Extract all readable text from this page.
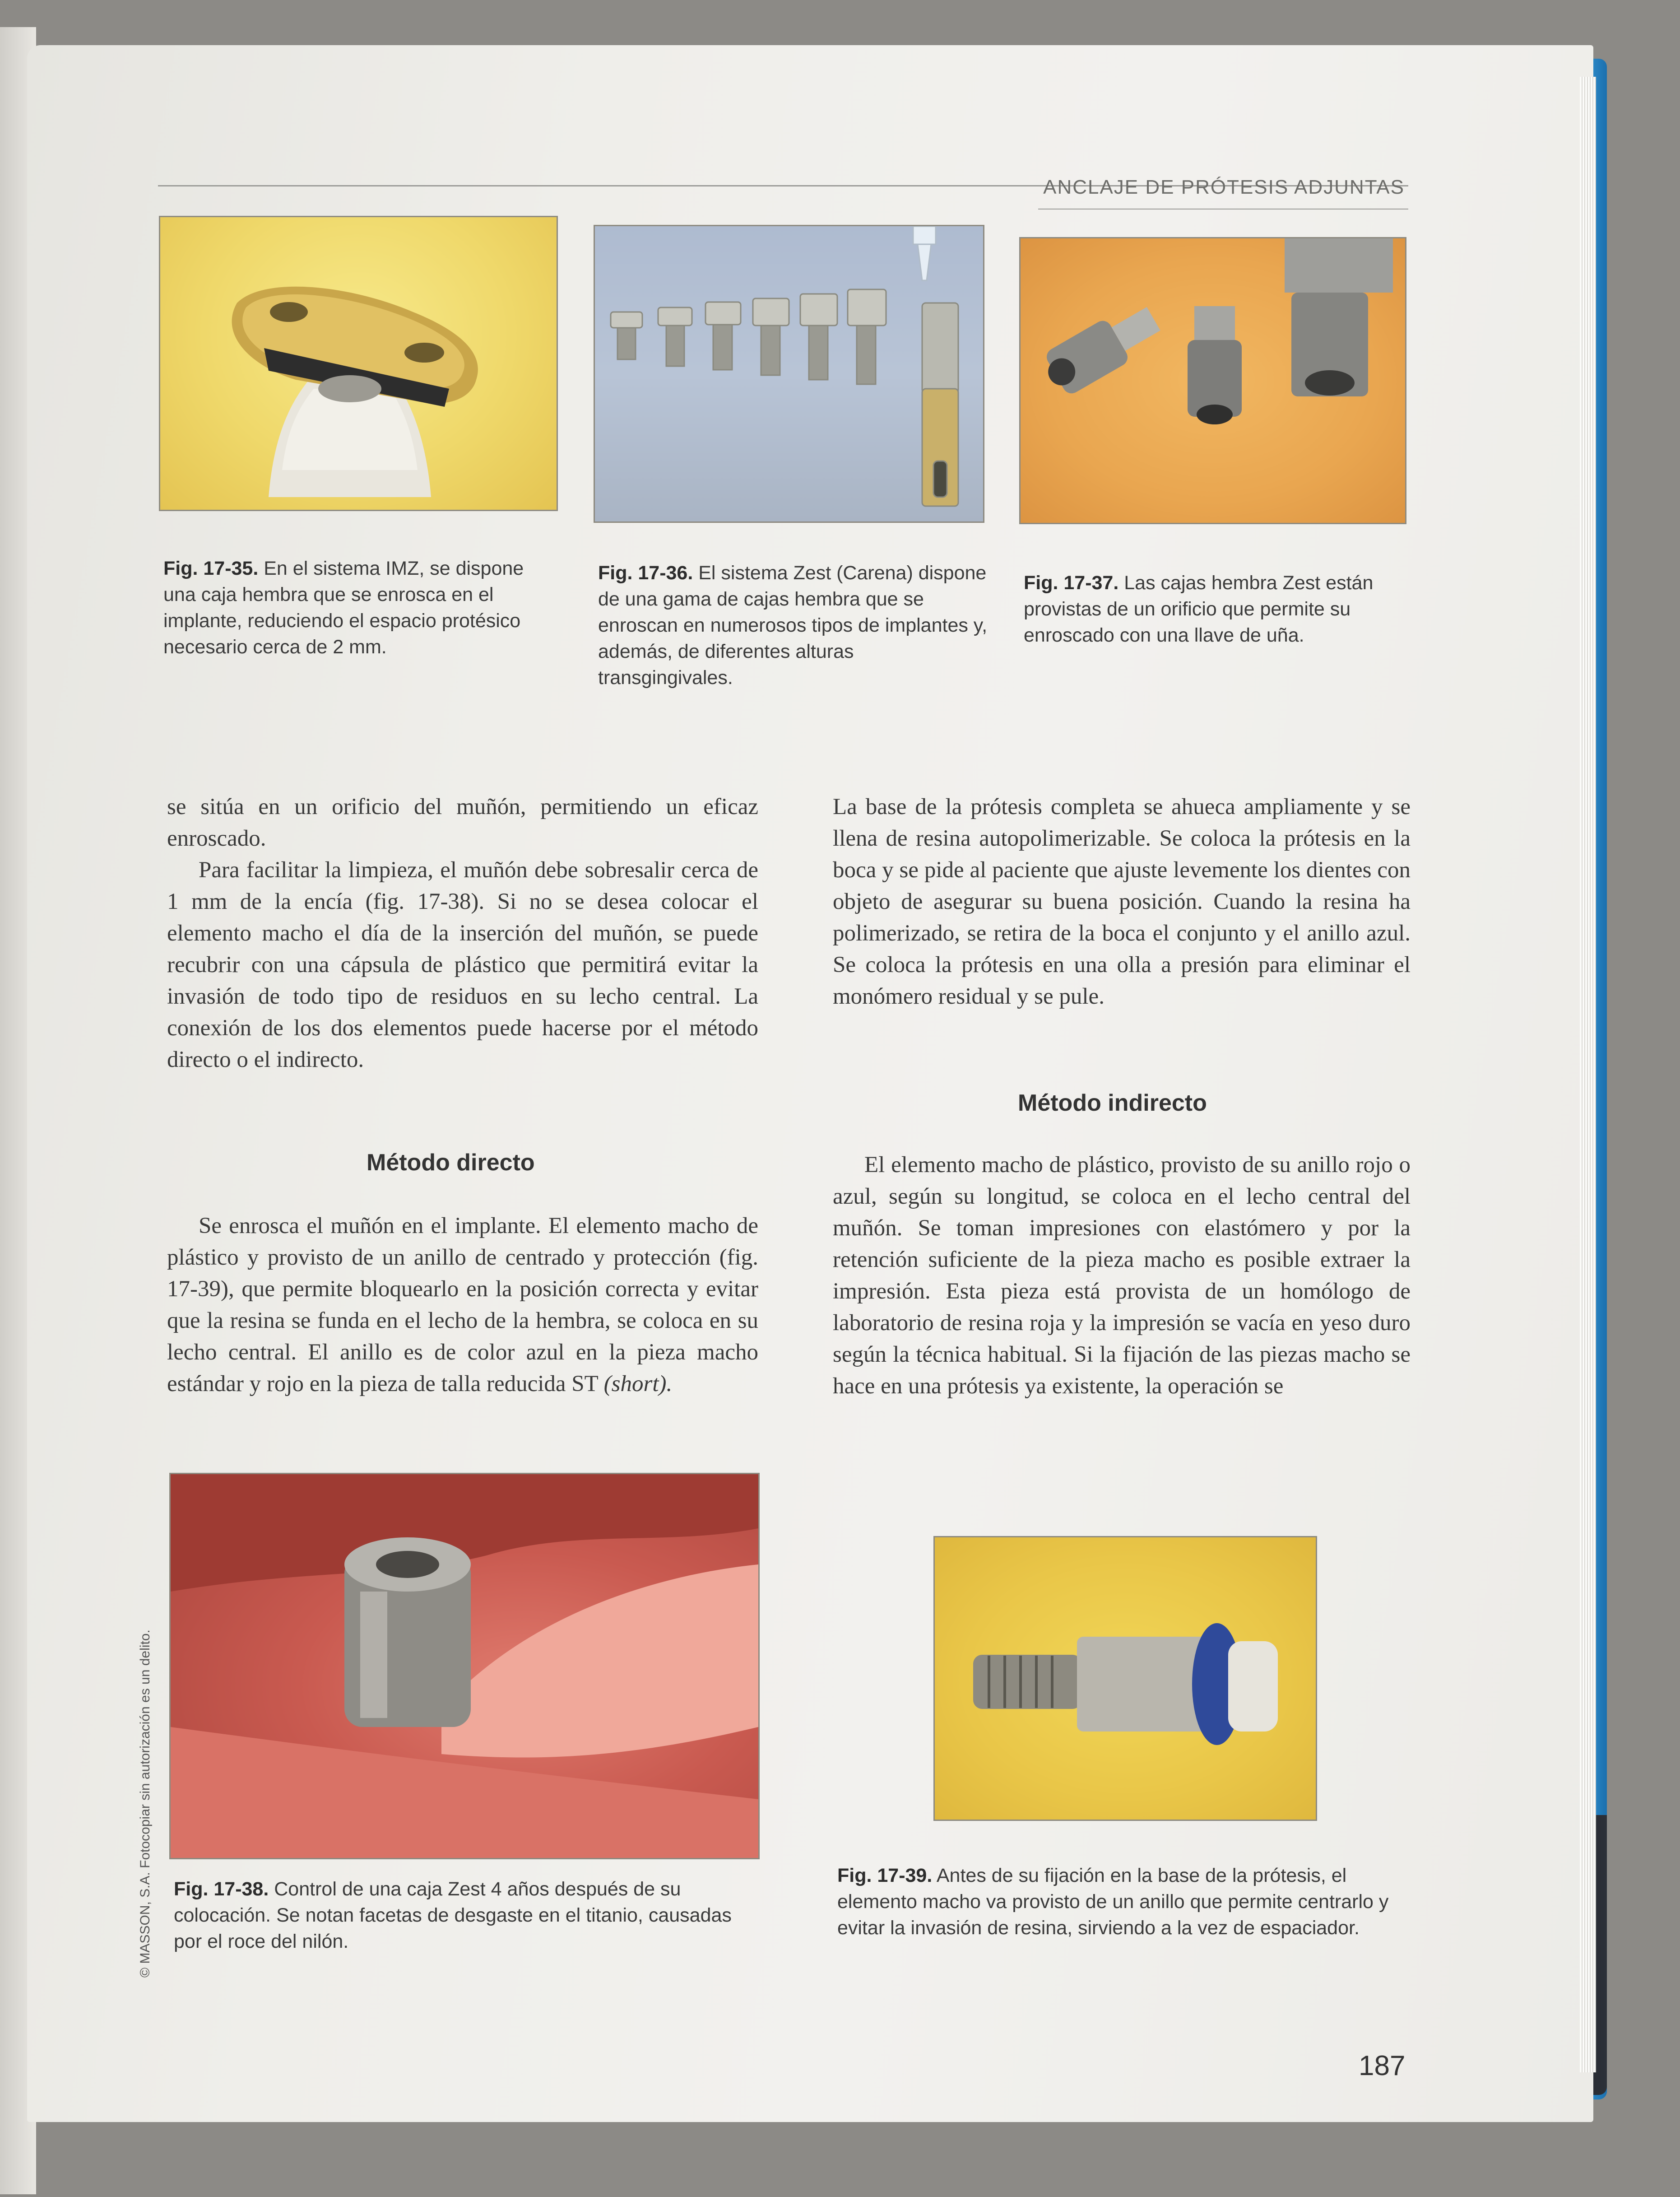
ANCLAJE DE PRÓTESIS ADJUNTAS
Fig. 17-35. En el sistema IMZ, se dispone una caja hembra que se enrosca en el implante, reduciendo el espacio protésico necesario cerca de 2 mm.
Fig. 17-36. El sistema Zest (Carena) dispone de una gama de cajas hembra que se enroscan en numerosos tipos de implantes y, además, de diferentes alturas transgingivales.
Fig. 17-37. Las cajas hembra Zest están provistas de un orificio que permite su enroscado con una llave de uña.

se sitúa en un orificio del muñón, permitiendo un eficaz enroscado.

Para facilitar la limpieza, el muñón debe sobresalir cerca de 1 mm de la encía (fig. 17-38). Si no se desea colocar el elemento macho el día de la inserción del muñón, se puede recubrir con una cápsula de plástico que permitirá evitar la invasión de todo tipo de residuos en su lecho central. La conexión de los dos elementos puede hacerse por el método directo o el indirecto.

Método directo

Se enrosca el muñón en el implante. El elemento macho de plástico y provisto de un anillo de centrado y protección (fig. 17-39), que permite bloquearlo en la posición correcta y evitar que la resina se funda en el lecho de la hembra, se coloca en su lecho central. El anillo es de color azul en la pieza macho estándar y rojo en la pieza de talla reducida ST (short).

La base de la prótesis completa se ahueca ampliamente y se llena de resina autopolimerizable. Se coloca la prótesis en la boca y se pide al paciente que ajuste levemente los dientes con objeto de asegurar su buena posición. Cuando la resina ha polimerizado, se retira de la boca el conjunto y el anillo azul. Se coloca la prótesis en una olla a presión para eliminar el monómero residual y se pule.

Método indirecto

El elemento macho de plástico, provisto de su anillo rojo o azul, según su longitud, se coloca en el lecho central del muñón. Se toman impresiones con elastómero y por la retención suficiente de la pieza macho es posible extraer la impresión. Esta pieza está provista de un homólogo de laboratorio de resina roja y la impresión se vacía en yeso duro según la técnica habitual. Si la fijación de las piezas macho se hace en una prótesis ya existente, la operación se

Fig. 17-38. Control de una caja Zest 4 años después de su colocación. Se notan facetas de desgaste en el titanio, causadas por el roce del nilón.
Fig. 17-39. Antes de su fijación en la base de la prótesis, el elemento macho va provisto de un anillo que permite centrarlo y evitar la invasión de resina, sirviendo a la vez de espaciador.
© MASSON, S.A. Fotocopiar sin autorización es un delito.
187
